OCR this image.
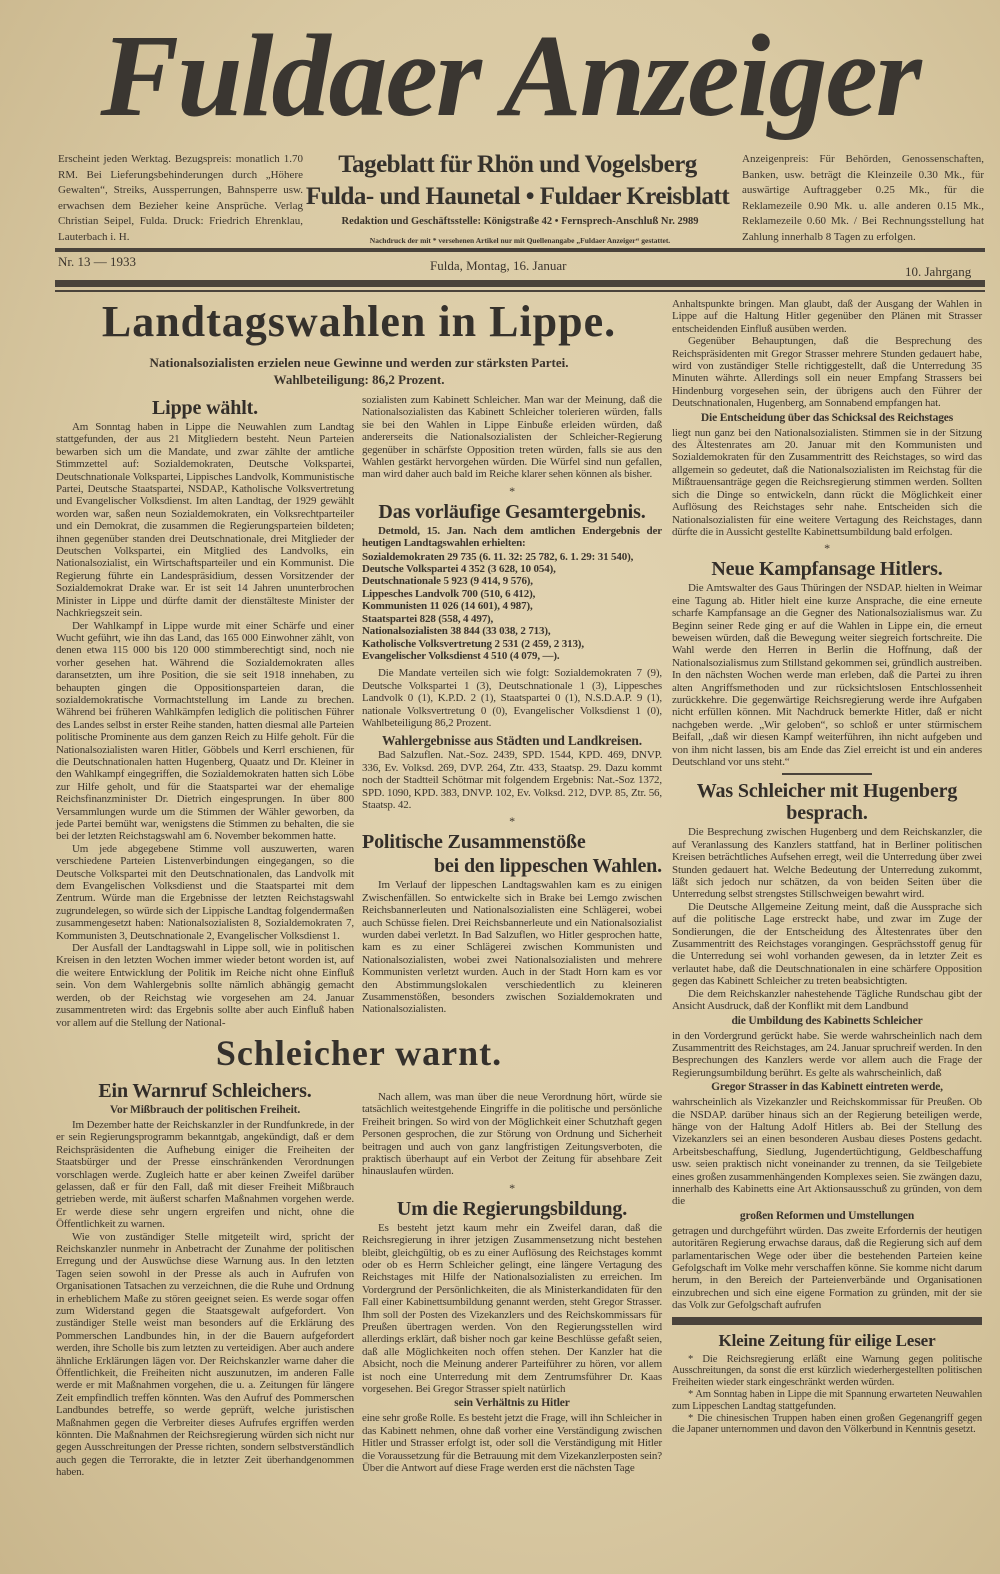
Fuldaer Anzeiger
Erscheint jeden Werktag. Bezugspreis: monatlich 1.70 RM. Bei Lieferungsbehinderungen durch „Höhere Gewalten“, Streiks, Aussperrungen, Bahnsperre usw. erwachsen dem Bezieher keine Ansprüche. Verlag Christian Seipel, Fulda. Druck: Friedrich Ehrenklau, Lauterbach i. H.
Tageblatt für Rhön und Vogelsberg
Fulda- und Haunetal • Fuldaer Kreisblatt
Redaktion und Geschäftsstelle: Königstraße 42 • Fernsprech-Anschluß Nr. 2989
Nachdruck der mit * versehenen Artikel nur mit Quellenangabe „Fuldaer Anzeiger“ gestattet.
Anzeigenpreis: Für Behörden, Genossenschaften, Banken, usw. beträgt die Kleinzeile 0.30 Mk., für auswärtige Auftraggeber 0.25 Mk., für die Reklamezeile 0.90 Mk. u. alle anderen 0.15 Mk., Reklamezeile 0.60 Mk. / Bei Rechnungsstellung hat Zahlung innerhalb 8 Tagen zu erfolgen.
Nr. 13 — 1933	Fulda, Montag, 16. Januar	10. Jahrgang
Landtagswahlen in Lippe.
Nationalsozialisten erzielen neue Gewinne und werden zur stärksten Partei.
Wahlbeteiligung: 86,2 Prozent.
Lippe wählt.

Am Sonntag haben in Lippe die Neuwahlen zum Landtag stattgefunden, der aus 21 Mitgliedern besteht. Neun Parteien bewarben sich um die Mandate, und zwar zählte der amtliche Stimmzettel auf: Sozialdemokraten, Deutsche Volkspartei, Deutschnationale Volkspartei, Lippisches Landvolk, Kommunistische Partei, Deutsche Staatspartei, NSDAP., Katholische Volksvertretung und Evangelischer Volksdienst. Im alten Landtag, der 1929 gewählt worden war, saßen neun Sozialdemokraten, ein Volksrechtparteiler und ein Demokrat, die zusammen die Regierungsparteien bildeten; ihnen gegenüber standen drei Deutschnationale, drei Mitglieder der Deutschen Volkspartei, ein Mitglied des Landvolks, ein Nationalsozialist, ein Wirtschaftsparteiler und ein Kommunist. Die Regierung führte ein Landespräsidium, dessen Vorsitzender der Sozialdemokrat Drake war. Er ist seit 14 Jahren ununterbrochen Minister in Lippe und dürfte damit der dienstälteste Minister der Nachkriegszeit sein.

Der Wahlkampf in Lippe wurde mit einer Schärfe und einer Wucht geführt, wie ihn das Land, das 165 000 Einwohner zählt, von denen etwa 115 000 bis 120 000 stimmberechtigt sind, noch nie vorher gesehen hat. Während die Sozialdemokraten alles daransetzten, um ihre Position, die sie seit 1918 innehaben, zu behaupten gingen die Oppositionsparteien daran, die sozialdemokratische Vormachtstellung im Lande zu brechen. Während bei früheren Wahlkämpfen lediglich die politischen Führer des Landes selbst in erster Reihe standen, hatten diesmal alle Parteien politische Prominente aus dem ganzen Reich zu Hilfe geholt. Für die Nationalsozialisten waren Hitler, Göbbels und Kerrl erschienen, für die Deutschnationalen hatten Hugenberg, Quaatz und Dr. Kleiner in den Wahlkampf eingegriffen, die Sozialdemokraten hatten sich Löbe zur Hilfe geholt, und für die Staatspartei war der ehemalige Reichsfinanzminister Dr. Dietrich eingesprungen. In über 800 Versammlungen wurde um die Stimmen der Wähler geworben, da jede Partei bemüht war, wenigstens die Stimmen zu behalten, die sie bei der letzten Reichstagswahl am 6. November bekommen hatte.

Um jede abgegebene Stimme voll auszuwerten, waren verschiedene Parteien Listenverbindungen eingegangen, so die Deutsche Volkspartei mit den Deutschnationalen, das Landvolk mit dem Evangelischen Volksdienst und die Staatspartei mit dem Zentrum. Würde man die Ergebnisse der letzten Reichstagswahl zugrundelegen, so würde sich der Lippische Landtag folgendermaßen zusammengesetzt haben: Nationalsozialisten 8, Sozialdemokraten 7, Kommunisten 3, Deutschnationale 2, Evangelischer Volksdienst 1.

Der Ausfall der Landtagswahl in Lippe soll, wie in politischen Kreisen in den letzten Wochen immer wieder betont worden ist, auf die weitere Entwicklung der Politik im Reiche nicht ohne Einfluß sein. Von dem Wahlergebnis sollte nämlich abhängig gemacht werden, ob der Reichstag wie vorgesehen am 24. Januar zusammentreten wird: das Ergebnis sollte aber auch Einfluß haben vor allem auf die Stellung der National-

sozialisten zum Kabinett Schleicher. Man war der Meinung, daß die Nationalsozialisten das Kabinett Schleicher tolerieren würden, falls sie bei den Wahlen in Lippe Einbuße erleiden würden, daß andererseits die Nationalsozialisten der Schleicher-Regierung gegenüber in schärfste Opposition treten würden, falls sie aus den Wahlen gestärkt hervorgehen würden. Die Würfel sind nun gefallen, man wird daher auch bald im Reiche klarer sehen können als bisher.

*
Das vorläufige Gesamtergebnis.

Detmold, 15. Jan. Nach dem amtlichen Endergebnis der heutigen Landtagswahlen erhielten:

Sozialdemokraten 29 735 (6. 11. 32: 25 782, 6. 1. 29: 31 540),
Deutsche Volkspartei 4 352 (3 628, 10 054),
Deutschnationale 5 923 (9 414, 9 576),
Lippesches Landvolk 700 (510, 6 412),
Kommunisten 11 026 (14 601), 4 987),
Staatspartei 828 (558, 4 497),
Nationalsozialisten 38 844 (33 038, 2 713),
Katholische Volksvertretung 2 531 (2 459, 2 313),
Evangelischer Volksdienst 4 510 (4 079, —).

Die Mandate verteilen sich wie folgt: Sozialdemokraten 7 (9), Deutsche Volkspartei 1 (3), Deutschnationale 1 (3), Lippesches Landvolk 0 (1), K.P.D. 2 (1), Staatspartei 0 (1), N.S.D.A.P. 9 (1), nationale Volksvertretung 0 (0), Evangelischer Volksdienst 1 (0), Wahlbeteiligung 86,2 Prozent.

Wahlergebnisse aus Städten und Landkreisen.

Bad Salzuflen. Nat.-Soz. 2439, SPD. 1544, KPD. 469, DNVP. 336, Ev. Volksd. 269, DVP. 264, Ztr. 433, Staatsp. 29. Dazu kommt noch der Stadtteil Schötmar mit folgendem Ergebnis: Nat.-Soz 1372, SPD. 1090, KPD. 383, DNVP. 102, Ev. Volksd. 212, DVP. 85, Ztr. 56, Staatsp. 42.

*
Politische Zusammenstöße
bei den lippeschen Wahlen.

Im Verlauf der lippeschen Landtagswahlen kam es zu einigen Zwischenfällen. So entwickelte sich in Brake bei Lemgo zwischen Reichsbannerleuten und Nationalsozialisten eine Schlägerei, wobei auch Schüsse fielen. Drei Reichsbannerleute und ein Nationalsozialist wurden dabei verletzt. In Bad Salzuflen, wo Hitler gesprochen hatte, kam es zu einer Schlägerei zwischen Kommunisten und Nationalsozialisten, wobei zwei Nationalsozialisten und mehrere Kommunisten verletzt wurden. Auch in der Stadt Horn kam es vor den Abstimmungslokalen verschiedentlich zu kleineren Zusammenstößen, besonders zwischen Sozialdemokraten und Nationalsozialisten.

Schleicher warnt.
Ein Warnruf Schleichers.
Vor Mißbrauch der politischen Freiheit.

Im Dezember hatte der Reichskanzler in der Rundfunkrede, in der er sein Regierungsprogramm bekanntgab, angekündigt, daß er dem Reichspräsidenten die Aufhebung einiger die Freiheiten der Staatsbürger und der Presse einschränkenden Verordnungen vorschlagen werde. Zugleich hatte er aber keinen Zweifel darüber gelassen, daß er für den Fall, daß mit dieser Freiheit Mißbrauch getrieben werde, mit äußerst scharfen Maßnahmen vorgehen werde. Er werde diese sehr ungern ergreifen und nicht, ohne die Öffentlichkeit zu warnen.

Wie von zuständiger Stelle mitgeteilt wird, spricht der Reichskanzler nunmehr in Anbetracht der Zunahme der politischen Erregung und der Auswüchse diese Warnung aus. In den letzten Tagen seien sowohl in der Presse als auch in Aufrufen von Organisationen Tatsachen zu verzeichnen, die die Ruhe und Ordnung in erheblichem Maße zu stören geeignet seien. Es werde sogar offen zum Widerstand gegen die Staatsgewalt aufgefordert. Von zuständiger Stelle weist man besonders auf die Erklärung des Pommerschen Landbundes hin, in der die Bauern aufgefordert werden, ihre Scholle bis zum letzten zu verteidigen. Aber auch andere ähnliche Erklärungen lägen vor. Der Reichskanzler warne daher die Öffentlichkeit, die Freiheiten nicht auszunutzen, im anderen Falle werde er mit Maßnahmen vorgehen, die u. a. Zeitungen für längere Zeit empfindlich treffen könnten. Was den Aufruf des Pommerschen Landbundes betreffe, so werde geprüft, welche juristischen Maßnahmen gegen die Verbreiter dieses Aufrufes ergriffen werden könnten. Die Maßnahmen der Reichsregierung würden sich nicht nur gegen Ausschreitungen der Presse richten, sondern selbstverständlich auch gegen die Terrorakte, die in letzter Zeit überhandgenommen haben.

Nach allem, was man über die neue Verordnung hört, würde sie tatsächlich weitestgehende Eingriffe in die politische und persönliche Freiheit bringen. So wird von der Möglichkeit einer Schutzhaft gegen Personen gesprochen, die zur Störung von Ordnung und Sicherheit beitragen und auch von ganz langfristigen Zeitungsverboten, die praktisch überhaupt auf ein Verbot der Zeitung für absehbare Zeit hinauslaufen würden.

*
Um die Regierungsbildung.

Es besteht jetzt kaum mehr ein Zweifel daran, daß die Reichsregierung in ihrer jetzigen Zusammensetzung nicht bestehen bleibt, gleichgültig, ob es zu einer Auflösung des Reichstages kommt oder ob es Herrn Schleicher gelingt, eine längere Vertagung des Reichstages mit Hilfe der Nationalsozialisten zu erreichen. Im Vordergrund der Persönlichkeiten, die als Ministerkandidaten für den Fall einer Kabinettsumbildung genannt werden, steht Gregor Strasser. Ihm soll der Posten des Vizekanzlers und des Reichskommissars für Preußen übertragen werden. Von den Regierungsstellen wird allerdings erklärt, daß bisher noch gar keine Beschlüsse gefaßt seien, daß alle Möglichkeiten noch offen stehen. Der Kanzler hat die Absicht, noch die Meinung anderer Parteiführer zu hören, vor allem ist noch eine Unterredung mit dem Zentrumsführer Dr. Kaas vorgesehen. Bei Gregor Strasser spielt natürlich

sein Verhältnis zu Hitler

eine sehr große Rolle. Es besteht jetzt die Frage, will ihn Schleicher in das Kabinett nehmen, ohne daß vorher eine Verständigung zwischen Hitler und Strasser erfolgt ist, oder soll die Verständigung mit Hitler die Voraussetzung für die Betrauung mit dem Vizekanzlerposten sein? Über die Antwort auf diese Frage werden erst die nächsten Tage

Anhaltspunkte bringen. Man glaubt, daß der Ausgang der Wahlen in Lippe auf die Haltung Hitler gegenüber den Plänen mit Strasser entscheidenden Einfluß ausüben werden.

Gegenüber Behauptungen, daß die Besprechung des Reichspräsidenten mit Gregor Strasser mehrere Stunden gedauert habe, wird von zuständiger Stelle richtiggestellt, daß die Unterredung 35 Minuten währte. Allerdings soll ein neuer Empfang Strassers bei Hindenburg vorgesehen sein, der übrigens auch den Führer der Deutschnationalen, Hugenberg, am Sonnabend empfangen hat.

Die Entscheidung über das Schicksal des Reichstages

liegt nun ganz bei den Nationalsozialisten. Stimmen sie in der Sitzung des Ältestenrates am 20. Januar mit den Kommunisten und Sozialdemokraten für den Zusammentritt des Reichstages, so wird das allgemein so gedeutet, daß die Nationalsozialisten im Reichstag für die Mißtrauensanträge gegen die Reichsregierung stimmen werden. Sollten sich die Dinge so entwickeln, dann rückt die Möglichkeit einer Auflösung des Reichstages sehr nahe. Entscheiden sich die Nationalsozialisten für eine weitere Vertagung des Reichstages, dann dürfte die in Aussicht gestellte Kabinettsumbildung bald erfolgen.

*
Neue Kampfansage Hitlers.

Die Amtswalter des Gaus Thüringen der NSDAP. hielten in Weimar eine Tagung ab. Hitler hielt eine kurze Ansprache, die eine erneute scharfe Kampfansage an die Gegner des Nationalsozialismus war. Zu Beginn seiner Rede ging er auf die Wahlen in Lippe ein, die erneut beweisen würden, daß die Bewegung weiter siegreich fortschreite. Die Wahl werde den Herren in Berlin die Hoffnung, daß der Nationalsozialismus zum Stillstand gekommen sei, gründlich austreiben. In den nächsten Wochen werde man erleben, daß die Partei zu ihren alten Angriffsmethoden und zur rücksichtslosen Entschlossenheit zurückkehre. Die gegenwärtige Reichsregierung werde ihre Aufgaben nicht erfüllen können. Mit Nachdruck bemerkte Hitler, daß er nicht nachgeben werde. „Wir geloben“, so schloß er unter stürmischem Beifall, „daß wir diesen Kampf weiterführen, ihn nicht aufgeben und von ihm nicht lassen, bis am Ende das Ziel erreicht ist und ein anderes Deutschland vor uns steht.“

Was Schleicher mit Hugenberg besprach.

Die Besprechung zwischen Hugenberg und dem Reichskanzler, die auf Veranlassung des Kanzlers stattfand, hat in Berliner politischen Kreisen beträchtliches Aufsehen erregt, weil die Unterredung über zwei Stunden gedauert hat. Welche Bedeutung der Unterredung zukommt, läßt sich jedoch nur schätzen, da von beiden Seiten über die Unterredung selbst strengstes Stillschweigen bewahrt wird.

Die Deutsche Allgemeine Zeitung meint, daß die Aussprache sich auf die politische Lage erstreckt habe, und zwar im Zuge der Sondierungen, die der Entscheidung des Ältestenrates über den Zusammentritt des Reichstages vorangingen. Gesprächsstoff genug für die Unterredung sei wohl vorhanden gewesen, da in letzter Zeit es verlautet habe, daß die Deutschnationalen in eine schärfere Opposition gegen das Kabinett Schleicher zu treten beabsichtigten.

Die dem Reichskanzler nahestehende Tägliche Rundschau gibt der Ansicht Ausdruck, daß der Konflikt mit dem Landbund

die Umbildung des Kabinetts Schleicher

in den Vordergrund gerückt habe. Sie werde wahrscheinlich nach dem Zusammentritt des Reichstages, am 24. Januar spruchreif werden. In den Besprechungen des Kanzlers werde vor allem auch die Frage der Regierungsumbildung berührt. Es gelte als wahrscheinlich, daß

Gregor Strasser in das Kabinett eintreten werde,

wahrscheinlich als Vizekanzler und Reichskommissar für Preußen. Ob die NSDAP. darüber hinaus sich an der Regierung beteiligen werde, hänge von der Haltung Adolf Hitlers ab. Bei der Stellung des Vizekanzlers sei an einen besonderen Ausbau dieses Postens gedacht. Arbeitsbeschaffung, Siedlung, Jugendertüchtigung, Geldbeschaffung usw. seien praktisch nicht voneinander zu trennen, da sie Teilgebiete eines großen zusammenhängenden Komplexes seien. Sie zwängen dazu, innerhalb des Kabinetts eine Art Aktionsausschuß zu gründen, von dem die

großen Reformen und Umstellungen

getragen und durchgeführt würden. Das zweite Erfordernis der heutigen autoritären Regierung erwachse daraus, daß die Regierung sich auf dem parlamentarischen Wege oder über die bestehenden Parteien keine Gefolgschaft im Volke mehr verschaffen könne. Sie komme nicht darum herum, in den Bereich der Parteienverbände und Organisationen einzubrechen und sich eine eigene Formation zu gründen, mit der sie das Volk zur Gefolgschaft aufrufen

Kleine Zeitung für eilige Leser

* Die Reichsregierung erläßt eine Warnung gegen politische Ausschreitungen, da sonst die erst kürzlich wiederhergestellten politischen Freiheiten wieder stark eingeschränkt werden würden.

* Am Sonntag haben in Lippe die mit Spannung erwarteten Neuwahlen zum Lippeschen Landtag stattgefunden.

* Die chinesischen Truppen haben einen großen Gegenangriff gegen die Japaner unternommen und davon den Völkerbund in Kenntnis gesetzt.
